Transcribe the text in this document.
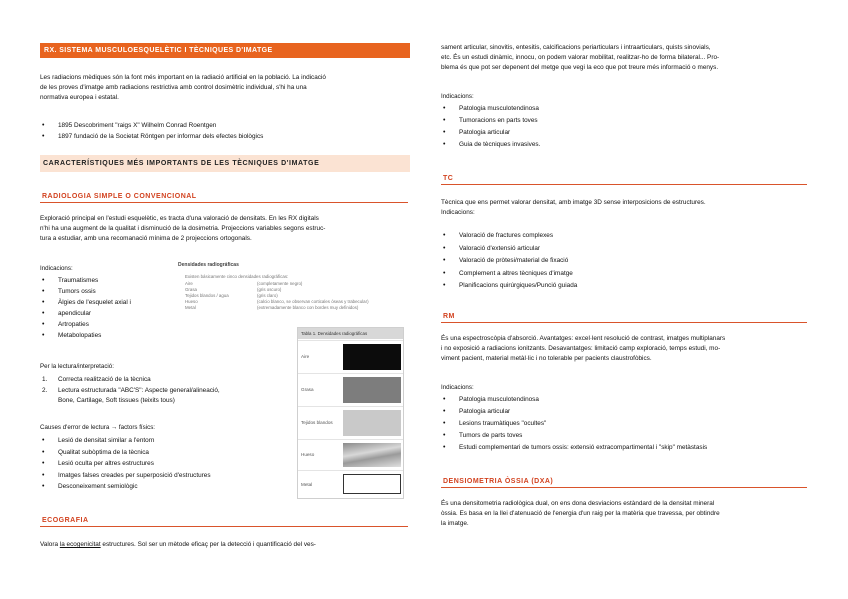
RX. SISTEMA MUSCULOESQUELÈTIC I TÈCNIQUES D'IMATGE
Les radiacions mèdiques són la font més important en la radiació artificial en la població. La indicació
de les proves d'imatge amb radiacions restrictiva amb control dosimètric individual, s'hi ha una
normativa europea i estatal.
• 1895 Descobriment "raigs X" Wilhelm Conrad Roentgen
• 1897 fundació de la Societat Röntgen per informar dels efectes biològics
CARACTERÍSTIQUES MÉS IMPORTANTS DE LES TÈCNIQUES D'IMATGE
RADIOLOGIA SIMPLE O CONVENCIONAL
Exploració principal en l'estudi esquelètic, es tracta d'una valoració de densitats. En les RX digitals
n'hi ha una augment de la qualitat i disminució de la dosimetria. Projeccions variables segons estruc-
tura a estudiar, amb una recomanació mínima de 2 projeccions ortogonals.
Indicacions:
• Traumatismes
• Tumors ossis
• Àlgies de l'esquelet axial i
• apendicular
• Artropaties
• Metabolopaties
Per la lectura/interpretació:
1. Correcta realització de la tècnica
2. Lectura estructurada "ABC'S": Aspecte general/alineació,
Bone, Cartilage, Soft tissues (teixits tous)
Causes d'error de lectura → factors físics:
• Lesió de densitat similar a l'entorn
• Qualitat subòptima de la tècnica
• Lesió oculta per altres estructures
• Imatges falses creades per superposició d'estructures
• Desconeixement semiològic
Densidades radiográficas
Existen básicamente cinco densidades radiográficas:
Aire	(completamente negro)
Grasa	(gris oscuro)
Tejidos blandos / agua	(gris claro)
Hueso	(calcio blanco, se observan corticales óseas y trabecular)
Metal	(extremadamente blanco con bordes muy definidos)
Tabla 1. Densidades radiográficas
Aire
Grasa
Tejidos blandos
Hueso
Metal
ECOGRAFIA
Valora la ecogenicitat estructures. Sol ser un mètode eficaç per la detecció i quantificació del ves-
sament articular, sinovitis, entesitis, calcificacions periarticulars i intraarticulars, quists sinovials,
etc. És un estudi dinàmic, innocu, on podem valorar mobilitat, realitzar-ho de forma bilateral... Pro-
blema és que pot ser depenent del metge que vegi la eco que pot treure més informació o menys.
Indicacions:
• Patologia musculotendinosa
• Tumoracions en parts toves
• Patologia articular
• Guia de tècniques invasives.
TC
Tècnica que ens permet valorar densitat, amb imatge 3D sense interposicions de estructures.
Indicacions:
• Valoració de fractures complexes
• Valoració d'extensió articular
• Valoració de pròtesi/material de fixació
• Complement a altres tècniques d'imatge
• Planificacions quirúrgiques/Punció guiada
RM
És una espectroscòpia d'absorció. Avantatges: excel·lent resolució de contrast, imatges multiplanars
i no exposició a radiacions ionitzants. Desavantatges: limitació camp exploració, temps estudi, mo-
viment pacient, material metàl·lic i no tolerable per pacients claustrofòbics.
Indicacions:
• Patologia musculotendinosa
• Patologia articular
• Lesions traumàtiques "ocultes"
• Tumors de parts toves
• Estudi complementari de tumors ossis: extensió extracompartimental i "skip" metàstasis
DENSIOMETRIA ÒSSIA (DXA)
És una densitometria radiològica dual, on ens dona desviacions estàndard de la densitat mineral
òssia. Es basa en la llei d'atenuació de l'energia d'un raig per la matèria que travessa, per obtindre
la imatge.
